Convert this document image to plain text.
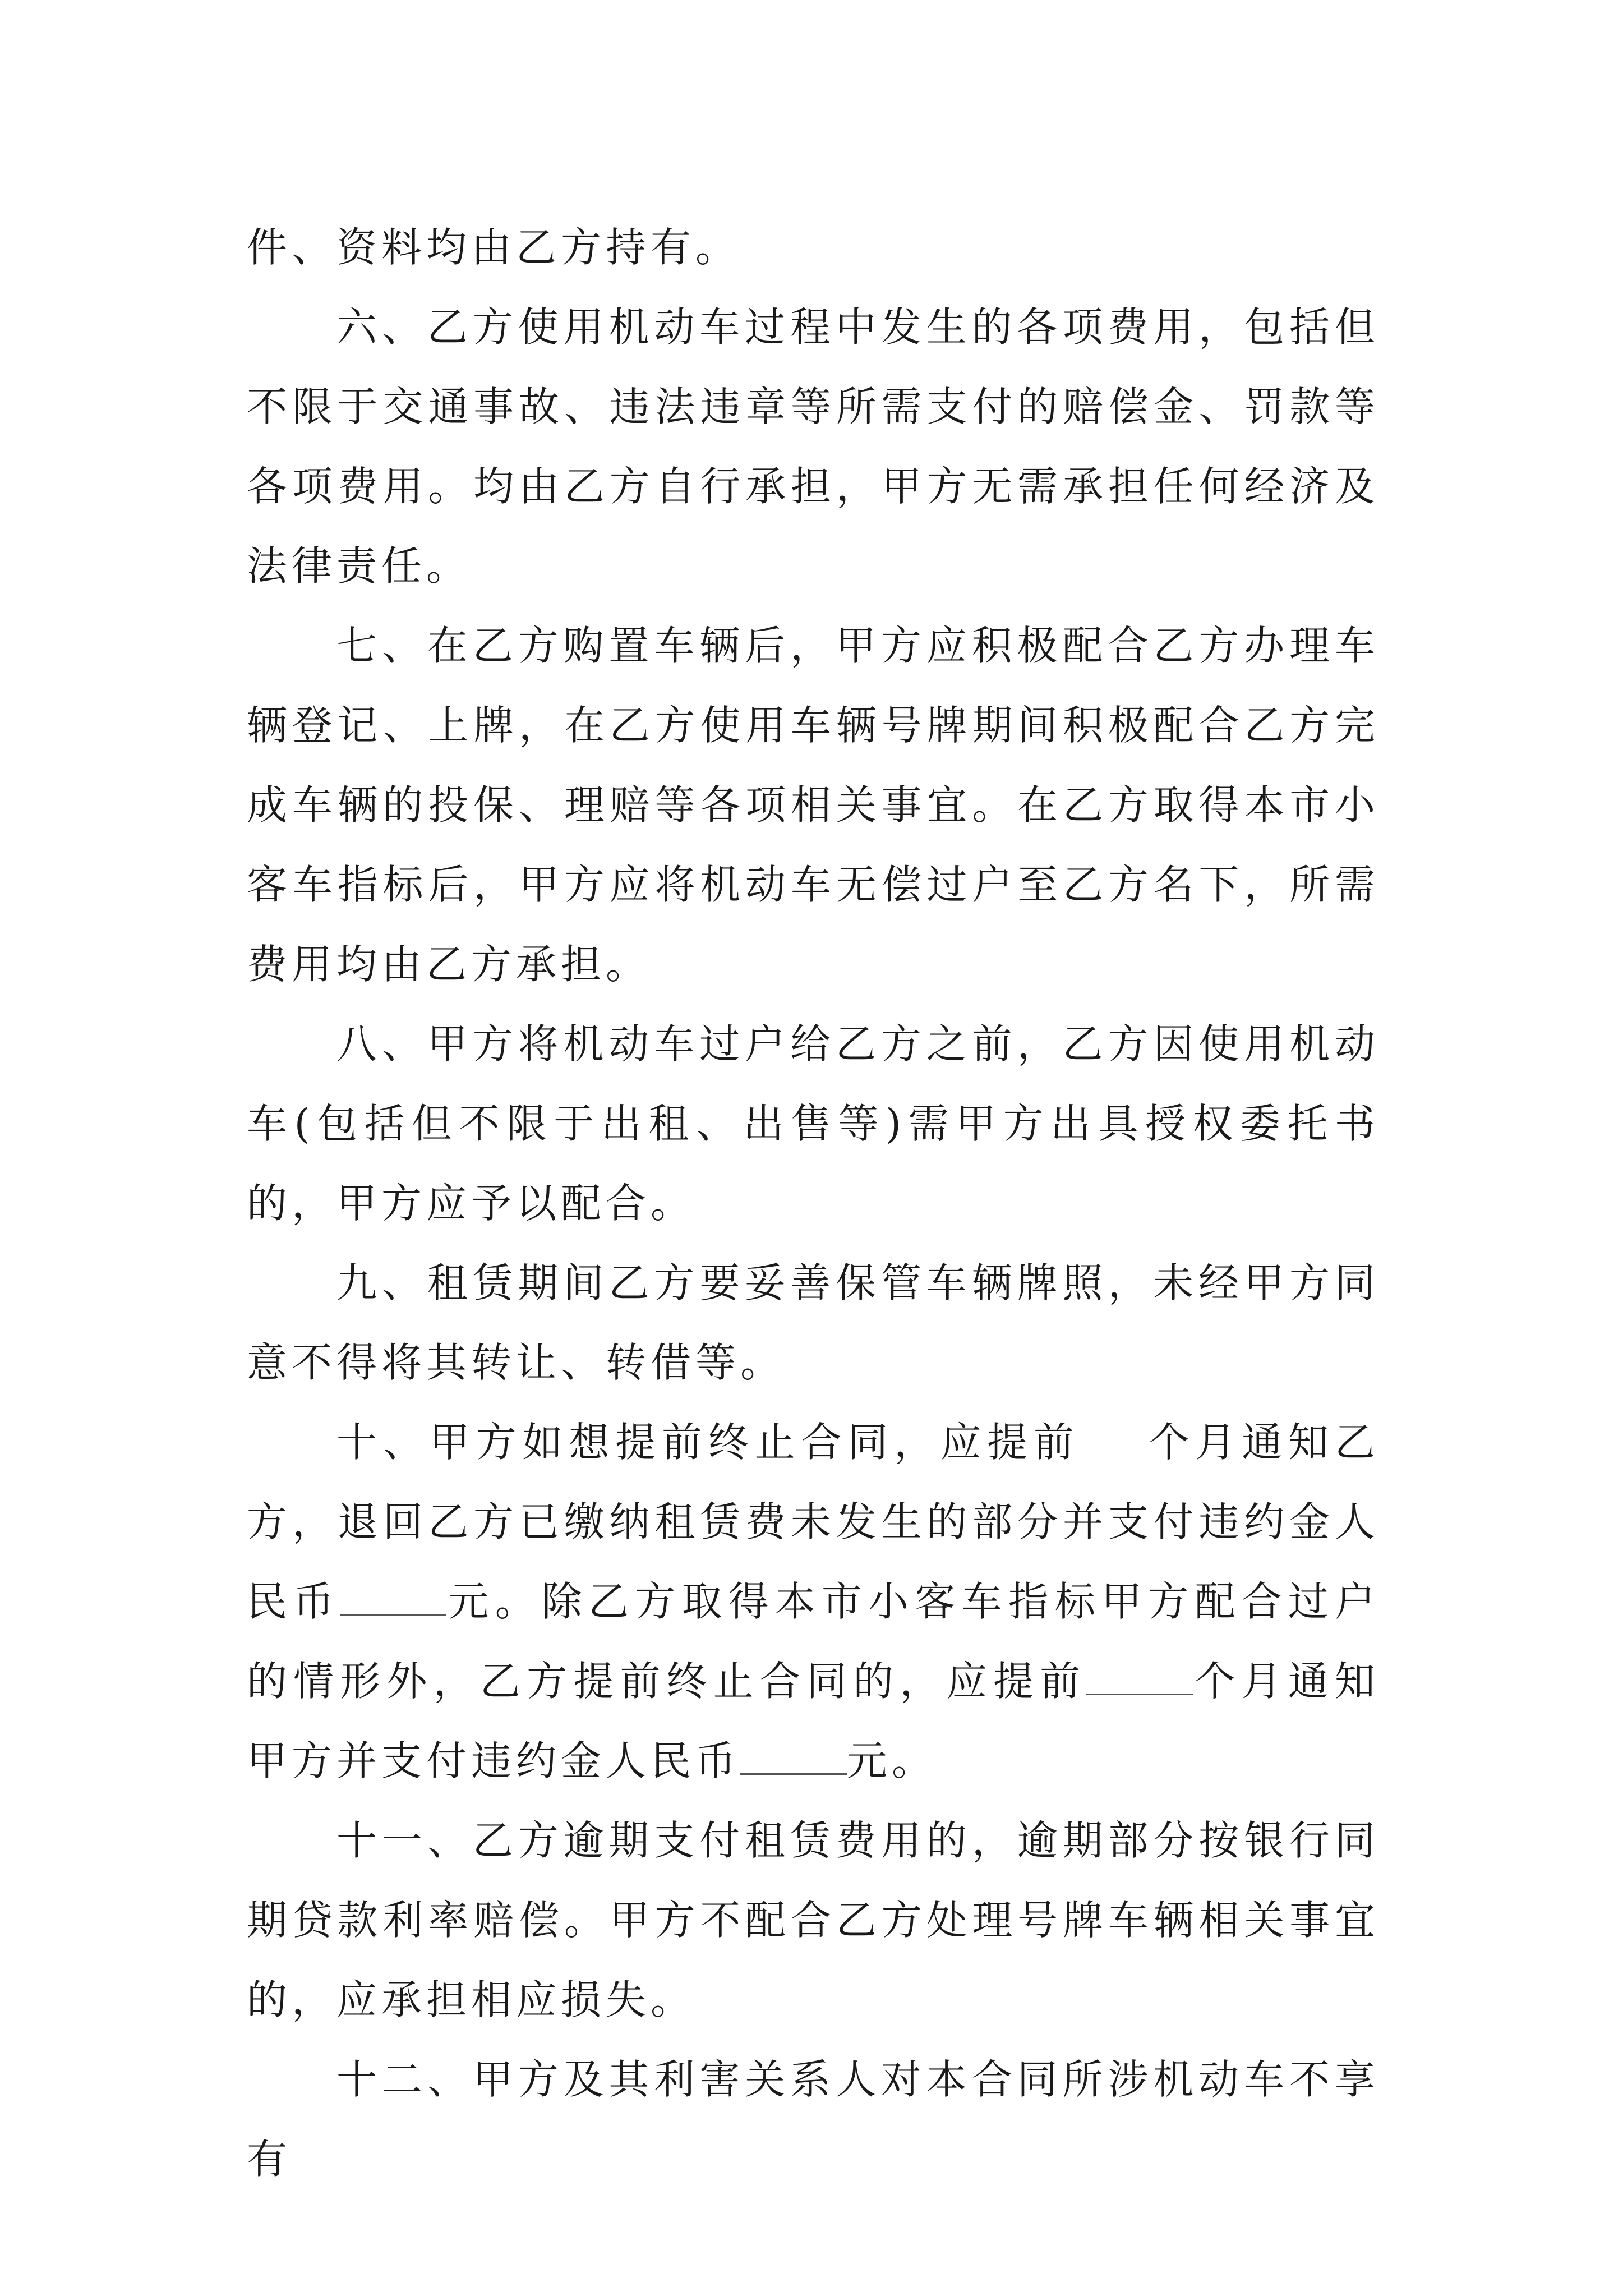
件、资料均由乙方持有。

六、乙方使用机动车过程中发生的各项费用，包括但不限于交通事故、违法违章等所需支付的赔偿金、罚款等各项费用。均由乙方自行承担，甲方无需承担任何经济及法律责任。

七、在乙方购置车辆后，甲方应积极配合乙方办理车辆登记、上牌，在乙方使用车辆号牌期间积极配合乙方完成车辆的投保、理赔等各项相关事宜。在乙方取得本市小客车指标后，甲方应将机动车无偿过户至乙方名下，所需费用均由乙方承担。

八、甲方将机动车过户给乙方之前，乙方因使用机动车(包括但不限于出租、出售等)需甲方出具授权委托书的，甲方应予以配合。

九、租赁期间乙方要妥善保管车辆牌照，未经甲方同意不得将其转让、转借等。

十、甲方如想提前终止合同，应提前 个月通知乙方，退回乙方已缴纳租赁费未发生的部分并支付违约金人民币	元。除乙方取得本市小客车指标甲方配合过户的情形外，乙方提前终止合同的，应提前	个月通知甲方并支付违约金人民币	元。

十一、乙方逾期支付租赁费用的，逾期部分按银行同期贷款利率赔偿。甲方不配合乙方处理号牌车辆相关事宜的，应承担相应损失。

十二、甲方及其利害关系人对本合同所涉机动车不享有
